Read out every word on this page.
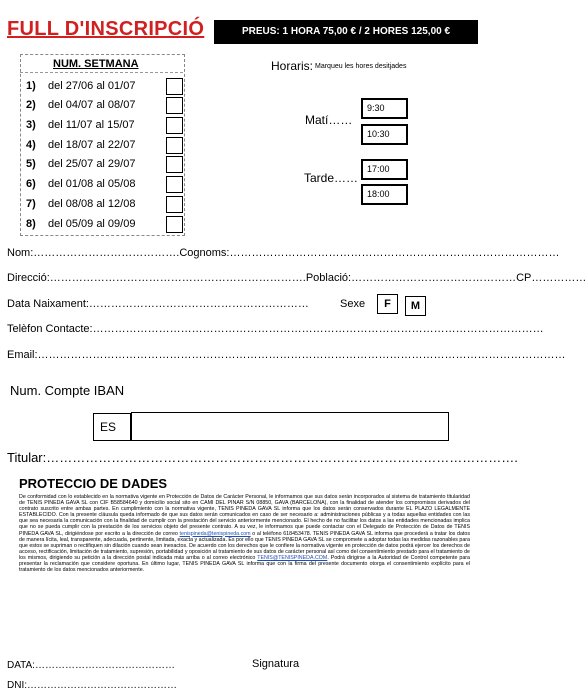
FULL D'INSCRIPCIÓ	PREUS: 1 HORA 75,00 € / 2 HORES 125,00 €
NUM. SETMANA
1) del 27/06 al 01/07
2) del 04/07 al 08/07
3) del 11/07 al 15/07
4) del 18/07 al 22/07
5) del 25/07 al 29/07
6) del 01/08 al 05/08
7) del 08/08 al 12/08
8) del 05/09 al 09/09
Horaris: Marqueu les hores desitjades
Matí……
9:30
10:30
Tarde……
17:00
18:00
Nom:………………………………….Cognoms:………………………………………………………………………………
Direcció:…………………………………………………………….Població:………………………………………CP……………
Data Naixament:……………………………………………………	Sexe	F	M
Telèfon Contacte:……………………………………………………………………………………………………………
Email:………………………………………………………………………………………………………………………………
Num. Compte IBAN
ES
Titular:……………………………………………………………………………………………….
PROTECCIO DE DADES
De conformidad con lo establecido en la normativa vigente en Protección de Datos de Carácter Personal, le informamos que sus datos serán incorporados al sistema de tratamiento titularidad de TENIS PINEDA GAVA SL con CIF B58584640 y domicilio social sito en CAMI DEL PINAR S/N 08850, GAVA (BARCELONA), con la finalidad de atender los compromisos derivados del contrato suscrito entre ambas partes. En cumplimiento con la normativa vigente, TENIS PINEDA GAVA SL informa que los datos serán conservados durante EL PLAZO LEGALMENTE ESTABLECIDO. Con la presente cláusula queda informado de que sus datos serán comunicados en caso de ser necesario a: administraciones públicas y a todas aquellas entidades con las que sea necesaria la comunicación con la finalidad de cumplir con la prestación del servicio anteriormente mencionado. El hecho de no facilitar los datos a las entidades mencionadas implica que no se pueda cumplir con la prestación de los servicios objeto del presente contrato. A su vez, le informamos que puede contactar con el Delegado de Protección de Datos de TENIS PINEDA GAVA SL, dirigiéndose por escrito a la dirección de correo tenispineda@tenispineda.com o al teléfono 618453478. TENIS PINEDA GAVA SL informa que procederá a tratar los datos de manera lícita, leal, transparente, adecuada, pertinente, limitada, exacta y actualizada. Es por ello que TENIS PINEDA GAVA SL se compromete a adoptar todas las medidas razonables para que estos se supriman o rectifiquen sin dilación cuando sean inexactos. De acuerdo con los derechos que le confiere la normativa vigente en protección de datos podrá ejercer los derechos de acceso, rectificación, limitación de tratamiento, supresión, portabilidad y oposición al tratamiento de sus datos de carácter personal así como del consentimiento prestado para el tratamiento de los mismos, dirigiendo su petición a la dirección postal indicada más arriba o al correo electrónico TENIS@TENISPINEDA.COM. Podrá dirigirse a la Autoridad de Control competente para presentar la reclamación que considere oportuna. En último lugar, TENIS PINEDA GAVA SL informa que con la firma del presente documento otorga el consentimiento explícito para el tratamiento de los datos mencionados anteriormente.
DATA:……………………………………	Signatura
DNI:………………………………………
